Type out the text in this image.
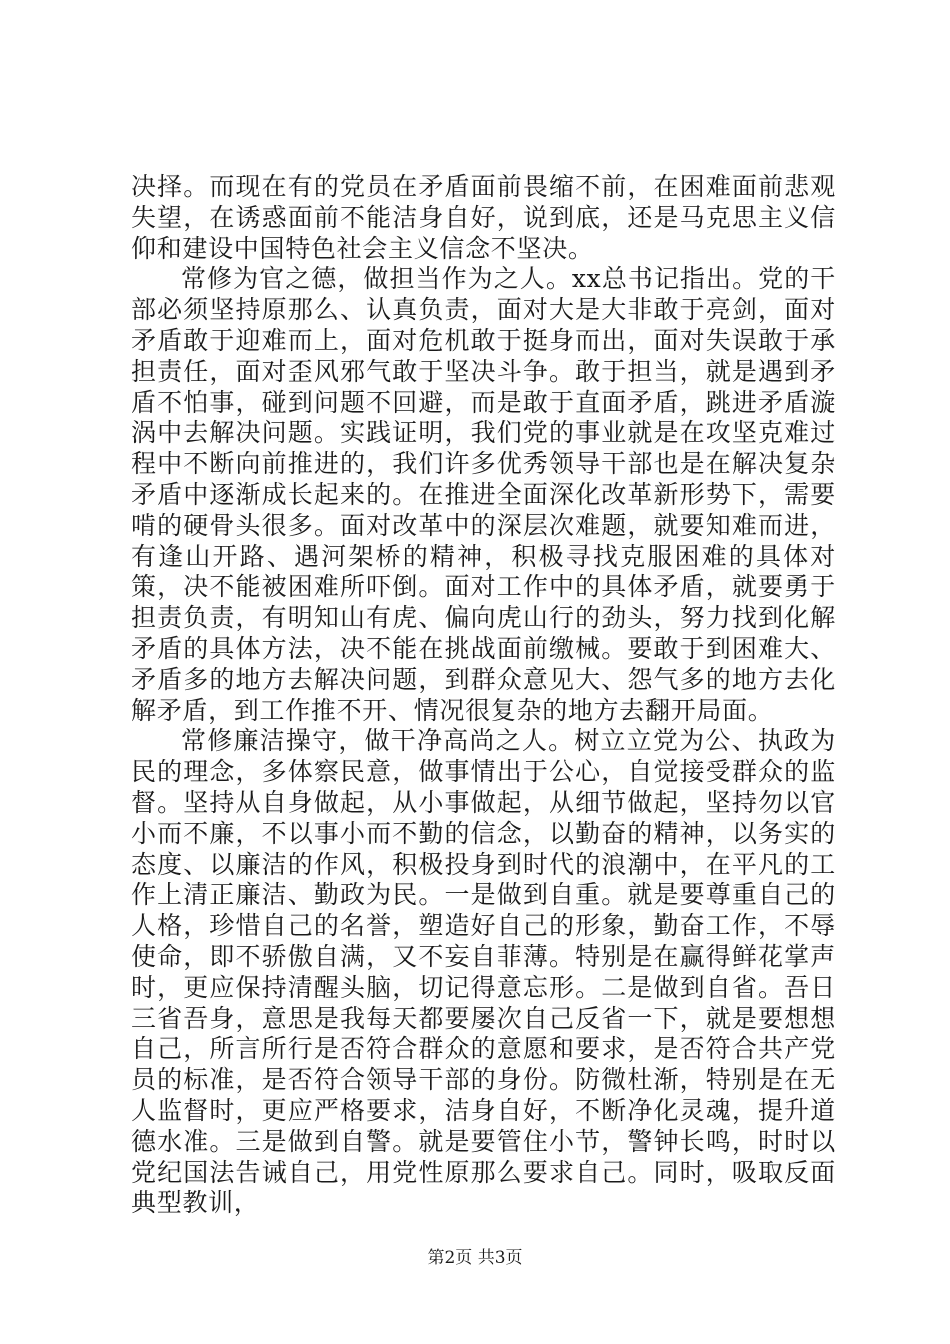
决择。而现在有的党员在矛盾面前畏缩不前，在困难面前悲观失望，在诱惑面前不能洁身自好，说到底，还是马克思主义信仰和建设中国特色社会主义信念不坚决。

常修为官之德，做担当作为之人。xx总书记指出。党的干部必须坚持原那么、认真负责，面对大是大非敢于亮剑，面对矛盾敢于迎难而上，面对危机敢于挺身而出，面对失误敢于承担责任，面对歪风邪气敢于坚决斗争。敢于担当，就是遇到矛盾不怕事，碰到问题不回避，而是敢于直面矛盾，跳进矛盾漩涡中去解决问题。实践证明，我们党的事业就是在攻坚克难过程中不断向前推进的，我们许多优秀领导干部也是在解决复杂矛盾中逐渐成长起来的。在推进全面深化改革新形势下，需要啃的硬骨头很多。面对改革中的深层次难题，就要知难而进，有逢山开路、遇河架桥的精神，积极寻找克服困难的具体对策，决不能被困难所吓倒。面对工作中的具体矛盾，就要勇于担责负责，有明知山有虎、偏向虎山行的劲头，努力找到化解矛盾的具体方法，决不能在挑战面前缴械。要敢于到困难大、矛盾多的地方去解决问题，到群众意见大、怨气多的地方去化解矛盾，到工作推不开、情况很复杂的地方去翻开局面。

常修廉洁操守，做干净高尚之人。树立立党为公、执政为民的理念，多体察民意，做事情出于公心，自觉接受群众的监督。坚持从自身做起，从小事做起，从细节做起，坚持勿以官小而不廉，不以事小而不勤的信念，以勤奋的精神，以务实的态度、以廉洁的作风，积极投身到时代的浪潮中，在平凡的工作上清正廉洁、勤政为民。一是做到自重。就是要尊重自己的人格，珍惜自己的名誉，塑造好自己的形象，勤奋工作，不辱使命，即不骄傲自满，又不妄自菲薄。特别是在赢得鲜花掌声时，更应保持清醒头脑，切记得意忘形。二是做到自省。吾日三省吾身，意思是我每天都要屡次自己反省一下，就是要想想自己，所言所行是否符合群众的意愿和要求，是否符合共产党员的标准，是否符合领导干部的身份。防微杜渐，特别是在无人监督时，更应严格要求，洁身自好，不断净化灵魂，提升道德水准。三是做到自警。就是要管住小节，警钟长鸣，时时以党纪国法告诫自己，用党性原那么要求自己。同时，吸取反面典型教训，

第2页 共3页
